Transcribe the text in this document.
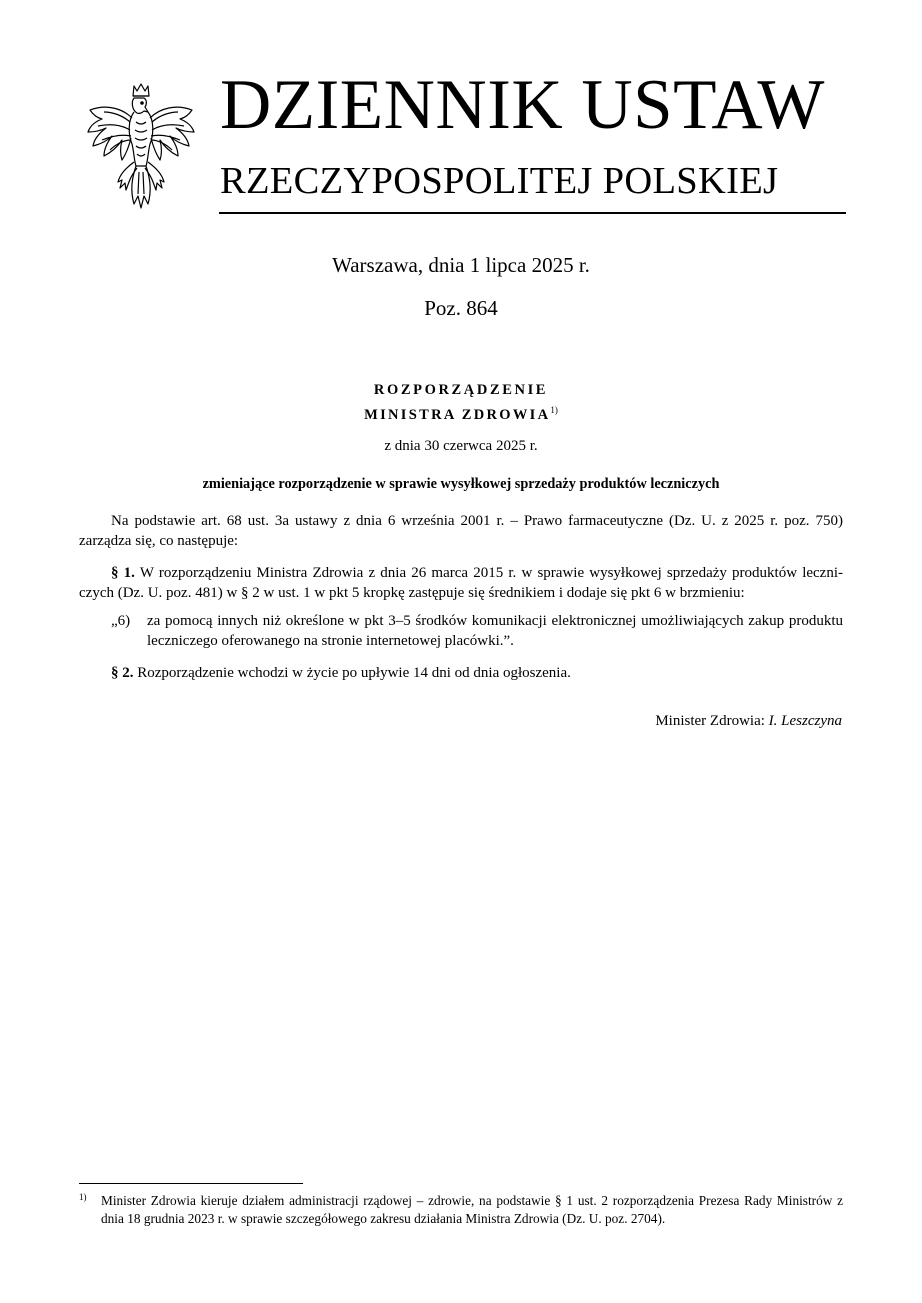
DZIENNIK USTAW
RZECZYPOSPOLITEJ POLSKIEJ
Warszawa, dnia 1 lipca 2025 r.
Poz. 864
ROZPORZĄDZENIE
MINISTRA ZDROWIA$^{1)}$
z dnia 30 czerwca 2025 r.
zmieniające rozporządzenie w sprawie wysyłkowej sprzedaży produktów leczniczych
Na podstawie art. 68 ust. 3a ustawy z dnia 6 września 2001 r. – Prawo farmaceutyczne (Dz. U. z 2025 r. poz. 750) zarządza się, co następuje:
§ 1. W rozporządzeniu Ministra Zdrowia z dnia 26 marca 2015 r. w sprawie wysyłkowej sprzedaży produktów leczni-czych (Dz. U. poz. 481) w § 2 w ust. 1 w pkt 5 kropkę zastępuje się średnikiem i dodaje się pkt 6 w brzmieniu:
„6) za pomocą innych niż określone w pkt 3–5 środków komunikacji elektronicznej umożliwiających zakup produktu leczniczego oferowanego na stronie internetowej placówki.”.
§ 2. Rozporządzenie wchodzi w życie po upływie 14 dni od dnia ogłoszenia.
Minister Zdrowia: I. Leszczyna
1) Minister Zdrowia kieruje działem administracji rządowej – zdrowie, na podstawie § 1 ust. 2 rozporządzenia Prezesa Rady Ministrów z dnia 18 grudnia 2023 r. w sprawie szczegółowego zakresu działania Ministra Zdrowia (Dz. U. poz. 2704).
